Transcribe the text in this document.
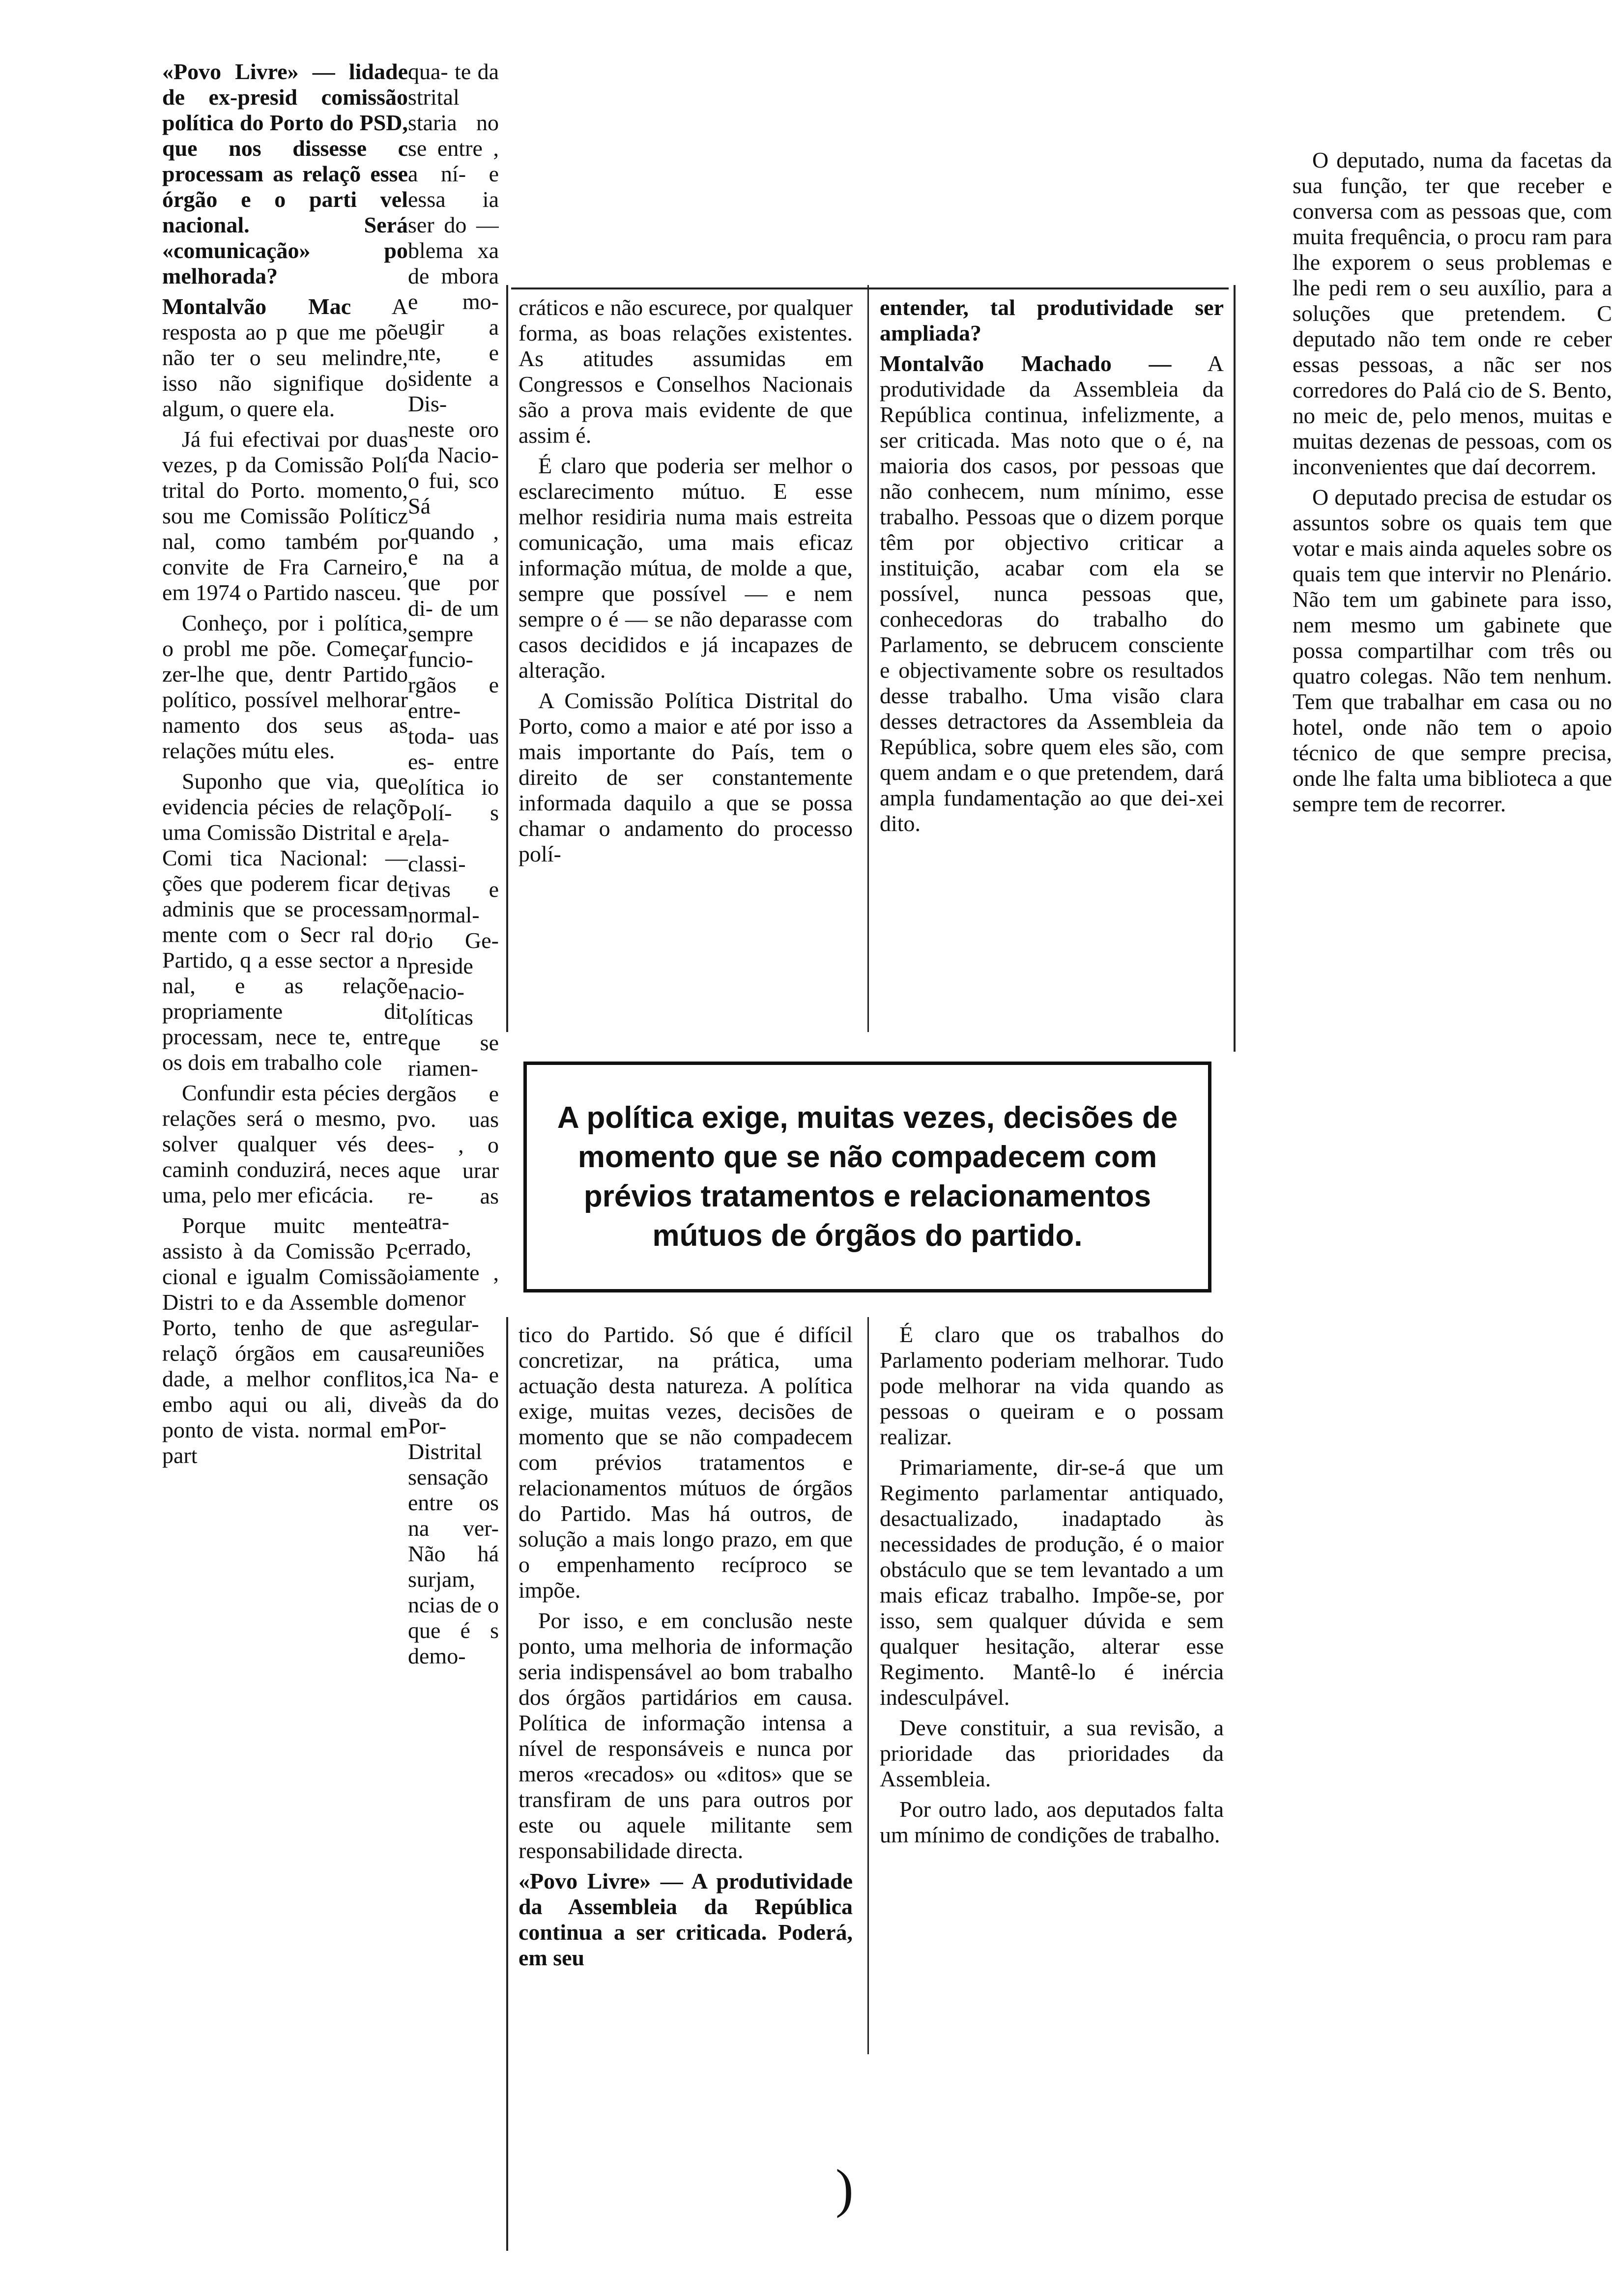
«Povo Livre» — lidade de ex-presid comissão política do Porto do PSD, que nos dissesse c processam as relaçõ esse órgão e o parti vel nacional. Será «comunicação» po melhorada?

Montalvão Mac A resposta ao p que me põe não ter o seu melindre, isso não signifique do algum, o quere ela.

Já fui efectivai por duas vezes, p da Comissão Polí trital do Porto. momento, sou me Comissão Políticz nal, como também por convite de Fra Carneiro, em 1974 o Partido nasceu.

Conheço, por i política, o probl me põe. Começar zer-lhe que, dentr Partido político, possível melhorar namento dos seus as relações mútu eles.

Suponho que via, que evidencia pécies de relaçõ uma Comissão Distrital e a Comi tica Nacional: — ções que poderem ficar de adminis que se processam mente com o Secr ral do Partido, q a esse sector a n nal, e as relaçõe propriamente dit processam, nece te, entre os dois em trabalho cole

Confundir esta pécies de relações será o mesmo, p solver qualquer vés de caminh conduzirá, neces a uma, pelo mer eficácia.

Porque muitc mente assisto à da Comissão Pc cional e igualm Comissão Distri to e da Assemble do Porto, tenho de que as relaçõ órgãos em causa dade, a melhor conflitos, embo aqui ou ali, dive ponto de vista. normal em part

qua- te da strital staria no se entre , a ní- e essa ia ser do — blema xa de mbora e mo- ugir a nte, e sidente a Dis- neste oro da Nacio- o fui, sco Sá quando , e na a que por di- de um sempre funcio- rgãos e entre- toda- uas es- entre olítica io Polí- s rela- classi- tivas e normal- rio Ge- preside nacio- olíticas que se riamen- rgãos e vo. uas es- , o que urar re- as atra- errado, iamente , menor regular- reuniões ica Na- e às da do Por- Distrital sensação entre os na ver- Não há surjam, ncias de o que é s demo-

cráticos e não escurece, por qualquer forma, as boas relações existentes. As atitudes assumidas em Congressos e Conselhos Nacionais são a prova mais evidente de que assim é.

É claro que poderia ser melhor o esclarecimento mútuo. E esse melhor residiria numa mais estreita comunicação, uma mais eficaz informação mútua, de molde a que, sempre que possível — e nem sempre o é — se não deparasse com casos decididos e já incapazes de alteração.

A Comissão Política Distrital do Porto, como a maior e até por isso a mais importante do País, tem o direito de ser constantemente informada daquilo a que se possa chamar o andamento do processo polí-

entender, tal produtividade ser ampliada?

Montalvão Machado — A produtividade da Assembleia da República continua, infelizmente, a ser criticada. Mas noto que o é, na maioria dos casos, por pessoas que não conhecem, num mínimo, esse trabalho. Pessoas que o dizem porque têm por objectivo criticar a instituição, acabar com ela se possível, nunca pessoas que, conhecedoras do trabalho do Parlamento, se debrucem consciente e objectivamente sobre os resultados desse trabalho. Uma visão clara desses detractores da Assembleia da República, sobre quem eles são, com quem andam e o que pretendem, dará ampla fundamentação ao que dei-xei dito.

A política exige, muitas vezes, decisões de momento que se não compadecem com prévios tratamentos e relacionamentos mútuos de órgãos do partido.

tico do Partido. Só que é difícil concretizar, na prática, uma actuação desta natureza. A política exige, muitas vezes, decisões de momento que se não compadecem com prévios tratamentos e relacionamentos mútuos de órgãos do Partido. Mas há outros, de solução a mais longo prazo, em que o empenhamento recíproco se impõe.

Por isso, e em conclusão neste ponto, uma melhoria de informação seria indispensável ao bom trabalho dos órgãos partidários em causa. Política de informação intensa a nível de responsáveis e nunca por meros «recados» ou «ditos» que se transfiram de uns para outros por este ou aquele militante sem responsabilidade directa.

«Povo Livre» — A produtividade da Assembleia da República continua a ser criticada. Poderá, em seu

É claro que os trabalhos do Parlamento poderiam melhorar. Tudo pode melhorar na vida quando as pessoas o queiram e o possam realizar.

Primariamente, dir-se-á que um Regimento parlamentar antiquado, desactualizado, inadaptado às necessidades de produção, é o maior obstáculo que se tem levantado a um mais eficaz trabalho. Impõe-se, por isso, sem qualquer dúvida e sem qualquer hesitação, alterar esse Regimento. Mantê-lo é inércia indesculpável.

Deve constituir, a sua revisão, a prioridade das prioridades da Assembleia.

Por outro lado, aos deputados falta um mínimo de condições de trabalho.

O deputado, numa da facetas da sua função, ter que receber e conversa com as pessoas que, com muita frequência, o procu ram para lhe exporem o seus problemas e lhe pedi rem o seu auxílio, para a soluções que pretendem. C deputado não tem onde re ceber essas pessoas, a nãc ser nos corredores do Palá cio de S. Bento, no meic de, pelo menos, muitas e muitas dezenas de pessoas, com os inconvenientes que daí decorrem.

O deputado precisa de estudar os assuntos sobre os quais tem que votar e mais ainda aqueles sobre os quais tem que intervir no Plenário. Não tem um gabinete para isso, nem mesmo um gabinete que possa compartilhar com três ou quatro colegas. Não tem nenhum. Tem que trabalhar em casa ou no hotel, onde não tem o apoio técnico de que sempre precisa, onde lhe falta uma biblioteca a que sempre tem de recorrer.

)
